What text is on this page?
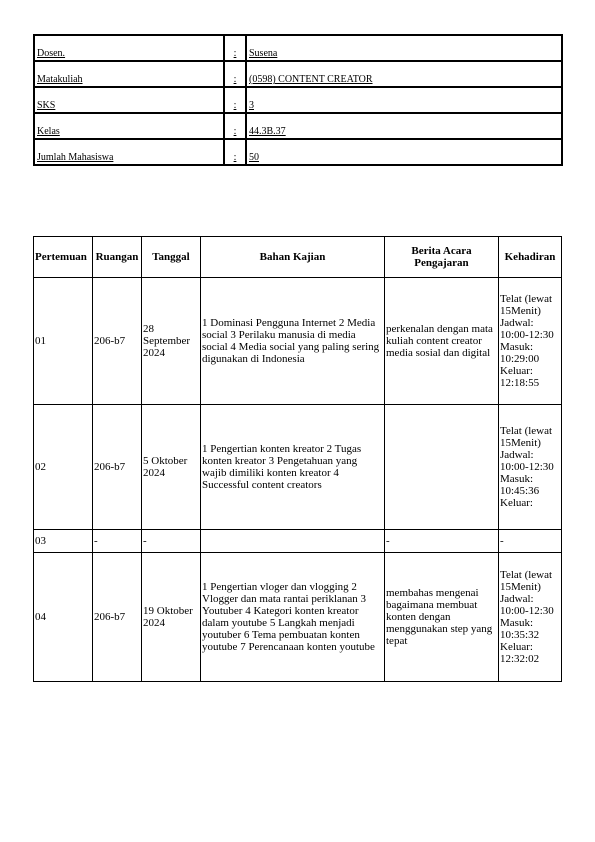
Dosen.	:	Susena
Matakuliah	:	(0598) CONTENT CREATOR
SKS	:	3
Kelas	:	44.3B.37
Jumlah Mahasiswa	:	50
Pertemuan	Ruangan	Tanggal	Bahan Kajian	Berita Acara Pengajaran	Kehadiran
01	206-b7	28 September 2024	1 Dominasi Pengguna Internet 2 Media social 3 Perilaku manusia di media social 4 Media social yang paling sering digunakan di Indonesia	perkenalan dengan mata kuliah content creator media sosial dan digital	Telat (lewat 15Menit) Jadwal: 10:00-12:30 Masuk: 10:29:00 Keluar: 12:18:55
02	206-b7	5 Oktober 2024	1 Pengertian konten kreator 2 Tugas konten kreator 3 Pengetahuan yang wajib dimiliki konten kreator 4 Successful content creators		Telat (lewat 15Menit) Jadwal: 10:00-12:30 Masuk: 10:45:36 Keluar:
03	-	-		-	-
04	206-b7	19 Oktober 2024	1 Pengertian vloger dan vlogging 2 Vlogger dan mata rantai periklanan 3 Youtuber 4 Kategori konten kreator dalam youtube 5 Langkah menjadi youtuber 6 Tema pembuatan konten youtube 7 Perencanaan konten youtube	membahas mengenai bagaimana membuat konten dengan menggunakan step yang tepat	Telat (lewat 15Menit) Jadwal: 10:00-12:30 Masuk: 10:35:32 Keluar: 12:32:02
